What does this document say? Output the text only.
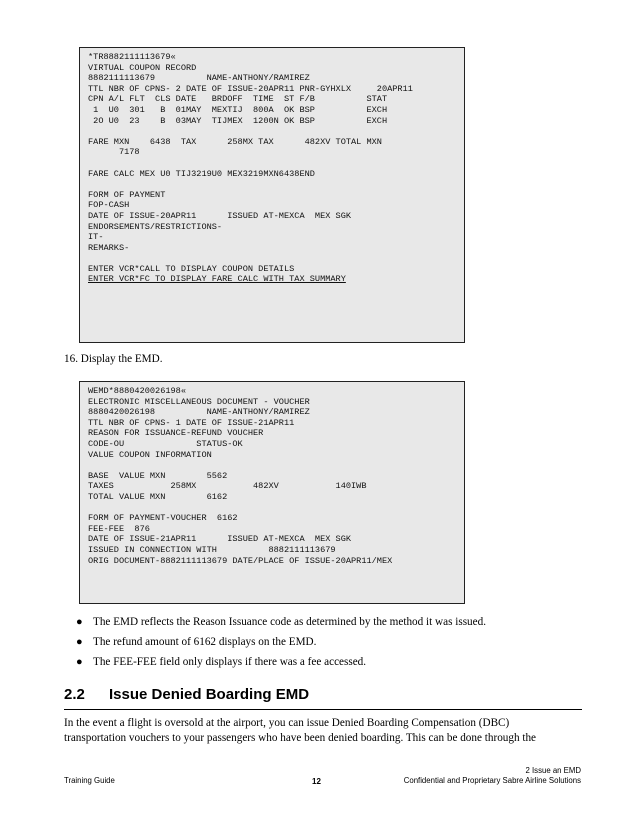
*TR8882111113679«
VIRTUAL COUPON RECORD
8882111113679          NAME-ANTHONY/RAMIREZ
TTL NBR OF CPNS- 2 DATE OF ISSUE-20APR11 PNR-GYHXLX     20APR11
CPN A/L FLT  CLS DATE   BRDOFF  TIME  ST F/B          STAT
1  U0  301   B  01MAY  MEXTIJ  800A  OK BSP          EXCH
2O U0  23    B  03MAY  TIJMEX  1200N OK BSP          EXCH
FARE MXN    6438  TAX      258MX TAX      482XV TOTAL MXN
7178
FARE CALC MEX U0 TIJ3219U0 MEX3219MXN6438END
FORM OF PAYMENT
FOP-CASH
DATE OF ISSUE-20APR11      ISSUED AT-MEXCA  MEX SGK
ENDORSEMENTS/RESTRICTIONS-
IT-
REMARKS-
ENTER VCR*CALL TO DISPLAY COUPON DETAILS
ENTER VCR*FC TO DISPLAY FARE CALC WITH TAX SUMMARY
16. Display the EMD.
WEMD*8880420026198«
ELECTRONIC MISCELLANEOUS DOCUMENT - VOUCHER
8880420026198          NAME-ANTHONY/RAMIREZ
TTL NBR OF CPNS- 1 DATE OF ISSUE-21APR11
REASON FOR ISSUANCE-REFUND VOUCHER
CODE-OU              STATUS-OK
VALUE COUPON INFORMATION
BASE  VALUE MXN        5562
TAXES           258MX           482XV           140IWB
TOTAL VALUE MXN        6162
FORM OF PAYMENT-VOUCHER  6162
FEE-FEE  876
DATE OF ISSUE-21APR11      ISSUED AT-MEXCA  MEX SGK
ISSUED IN CONNECTION WITH          8882111113679
ORIG DOCUMENT-8882111113679 DATE/PLACE OF ISSUE-20APR11/MEX
● The EMD reflects the Reason Issuance code as determined by the method it was issued.
● The refund amount of 6162 displays on the EMD.
● The FEE-FEE field only displays if there was a fee accessed.
2.2 Issue Denied Boarding EMD
In the event a flight is oversold at the airport, you can issue Denied Boarding Compensation (DBC)
transportation vouchers to your passengers who have been denied boarding. This can be done through the
2 Issue an EMD
Training Guide	12	Confidential and Proprietary Sabre Airline Solutions
